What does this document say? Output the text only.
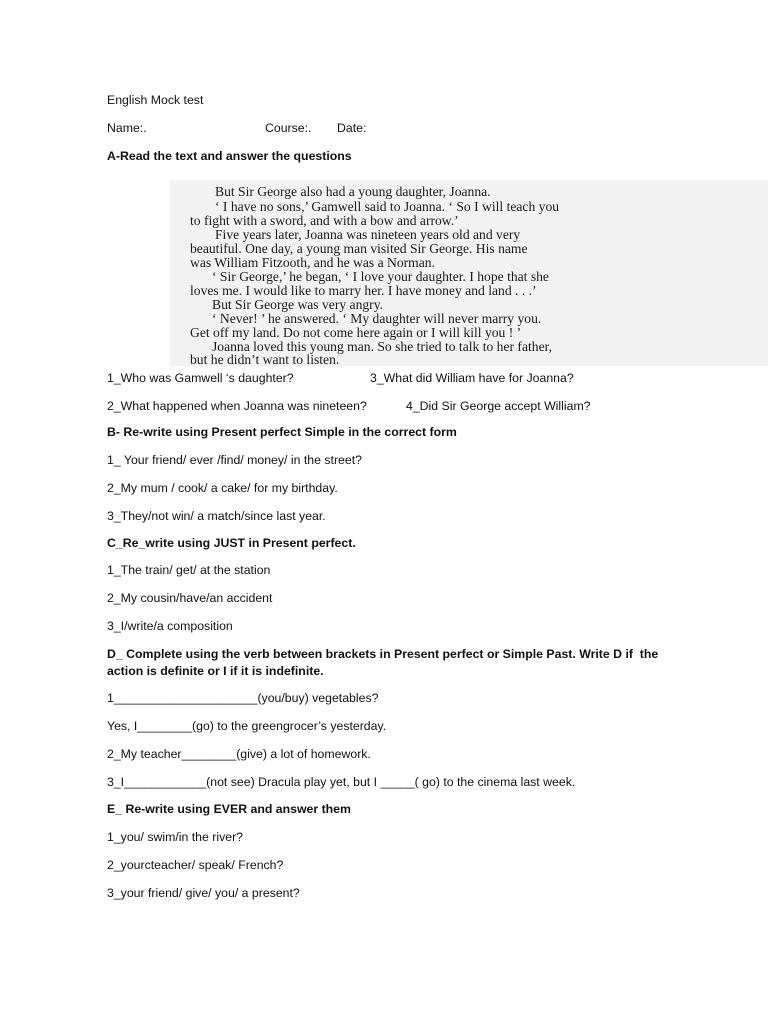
English Mock test
Name:.	Course:. Date:
A-Read the text and answer the questions
But Sir George also had a young daughter, Joanna.
‘ I have no sons,’ Gamwell said to Joanna. ‘ So I will teach you
to fight with a sword, and with a bow and arrow.’
Five years later, Joanna was nineteen years old and very
beautiful. One day, a young man visited Sir George. His name
was William Fitzooth, and he was a Norman.
‘ Sir George,’ he began, ‘ I love your daughter. I hope that she
loves me. I would like to marry her. I have money and land . . .’
But Sir George was very angry.
‘ Never! ’ he answered. ‘ My daughter will never marry you.
Get off my land. Do not come here again or I will kill you ! ’
Joanna loved this young man. So she tried to talk to her father,
but he didn’t want to listen.
1_Who was Gamwell ‘s daughter?	3_What did William have for Joanna?
2_What happened when Joanna was nineteen?	4_Did Sir George accept William?
B- Re-write using Present perfect Simple in the correct form
1_ Your friend/ ever /find/ money/ in the street?
2_My mum / cook/ a cake/ for my birthday.
3_They/not win/ a match/since last year.
C_Re_write using JUST in Present perfect.
1_The train/ get/ at the station
2_My cousin/have/an accident
3_I/write/a composition
D_ Complete using the verb between brackets in Present perfect or Simple Past. Write D if  the
action is definite or I if it is indefinite.
1_____________________(you/buy) vegetables?
Yes, I________(go) to the greengrocer’s yesterday.
2_My teacher________(give) a lot of homework.
3_I____________(not see) Dracula play yet, but I _____( go) to the cinema last week.
E_ Re-write using EVER and answer them
1_you/ swim/in the river?
2_yourcteacher/ speak/ French?
3_your friend/ give/ you/ a present?
